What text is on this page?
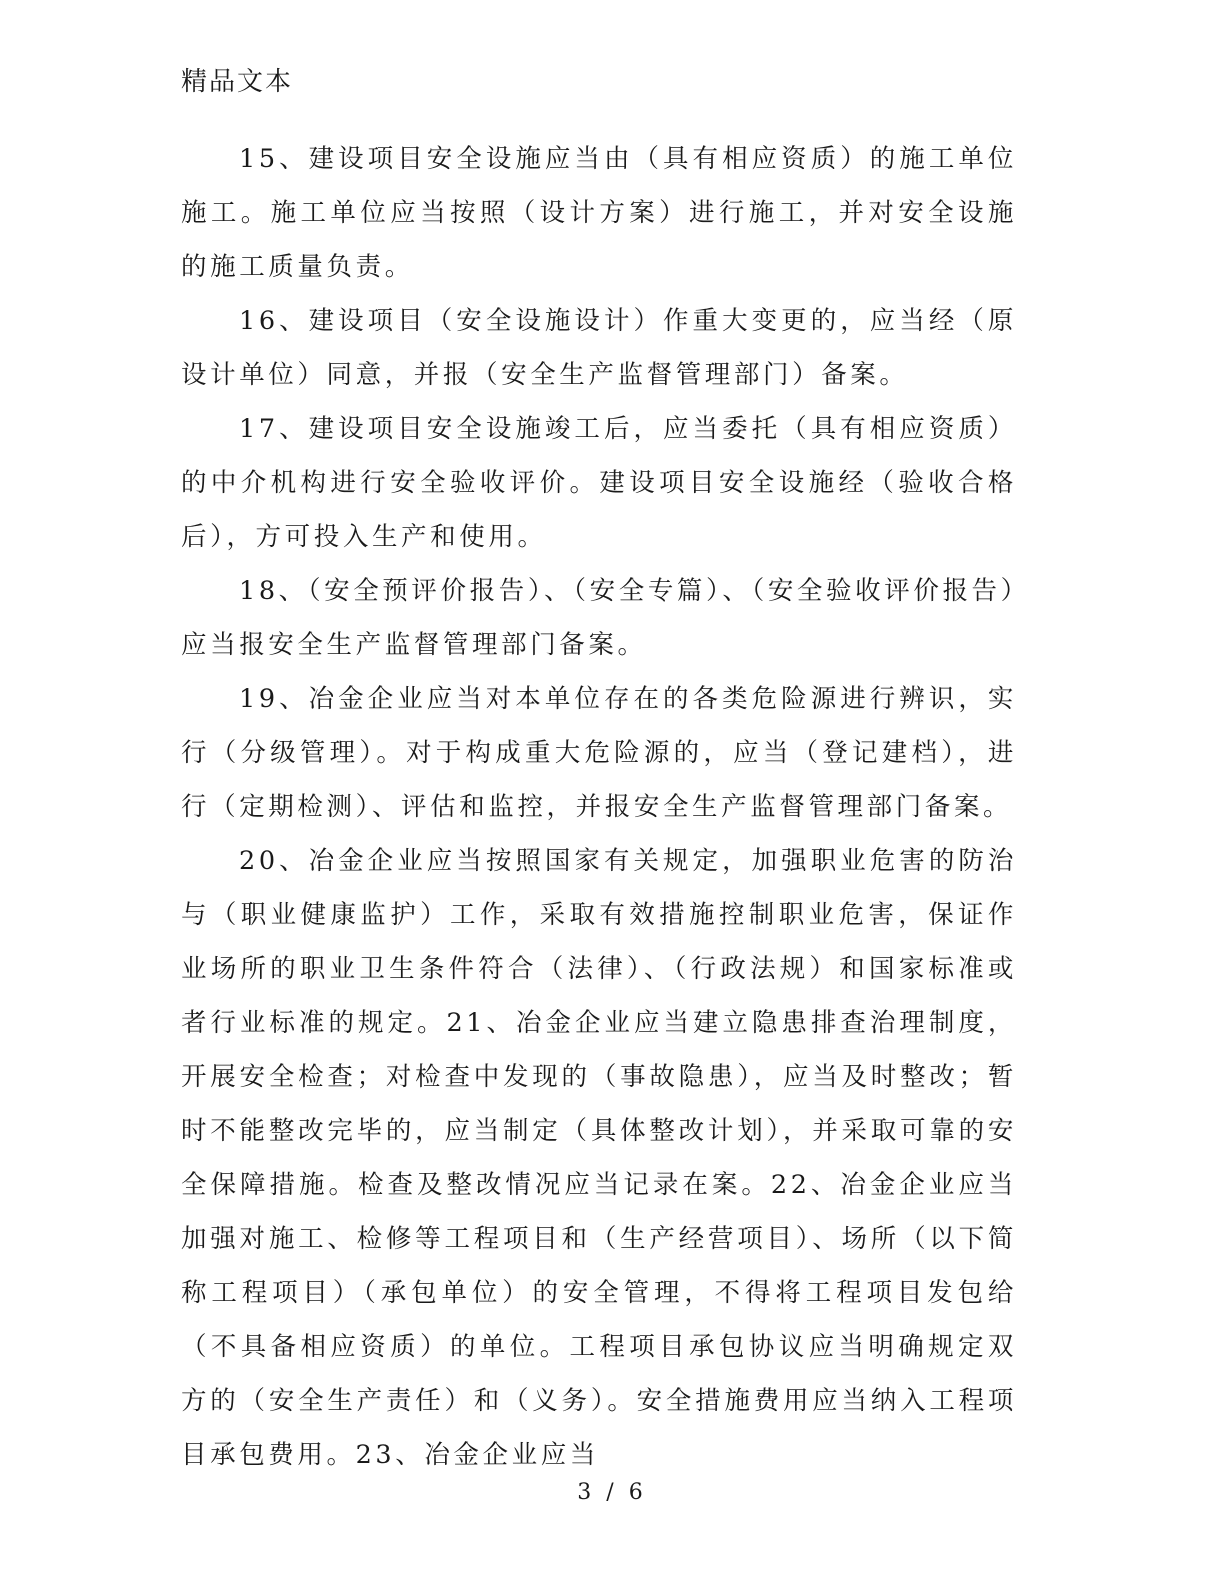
精品文本

15、建设项目安全设施应当由（具有相应资质）的施工单位施工。施工单位应当按照（设计方案）进行施工，并对安全设施的施工质量负责。

16、建设项目（安全设施设计）作重大变更的，应当经（原设计单位）同意，并报（安全生产监督管理部门）备案。

17、建设项目安全设施竣工后，应当委托（具有相应资质）的中介机构进行安全验收评价。建设项目安全设施经（验收合格后），方可投入生产和使用。

18、（安全预评价报告）、（安全专篇）、（安全验收评价报告）应当报安全生产监督管理部门备案。

19、冶金企业应当对本单位存在的各类危险源进行辨识，实行（分级管理）。对于构成重大危险源的，应当（登记建档），进行（定期检测）、评估和监控，并报安全生产监督管理部门备案。

20、冶金企业应当按照国家有关规定，加强职业危害的防治与（职业健康监护）工作，采取有效措施控制职业危害，保证作业场所的职业卫生条件符合（法律）、（行政法规）和国家标准或者行业标准的规定。21、冶金企业应当建立隐患排查治理制度，开展安全检查；对检查中发现的（事故隐患），应当及时整改；暂时不能整改完毕的，应当制定（具体整改计划），并采取可靠的安全保障措施。检查及整改情况应当记录在案。22、冶金企业应当加强对施工、检修等工程项目和（生产经营项目）、场所（以下简称工程项目）（承包单位）的安全管理，不得将工程项目发包给（不具备相应资质）的单位。工程项目承包协议应当明确规定双方的（安全生产责任）和（义务）。安全措施费用应当纳入工程项目承包费用。23、冶金企业应当

3 / 6
